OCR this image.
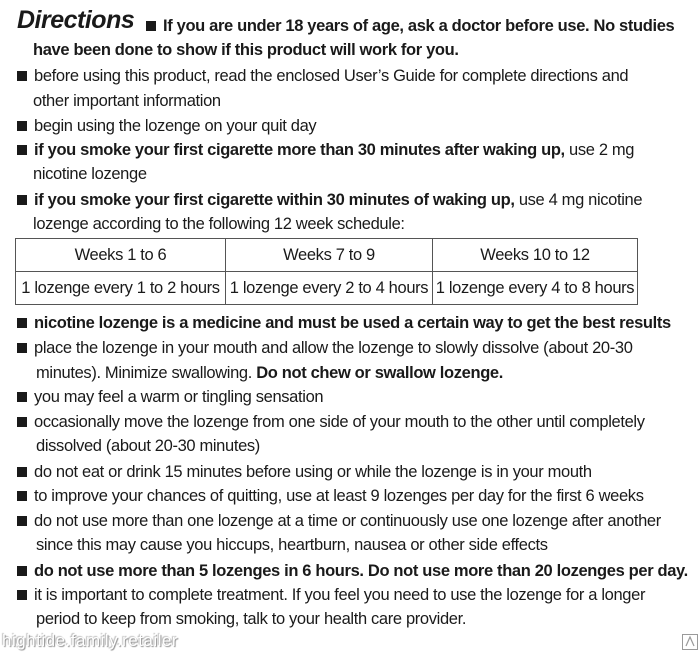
Directions	If you are under 18 years of age, ask a doctor before use. No studies
have been done to show if this product will work for you.
before using this product, read the enclosed User’s Guide for complete directions and
other important information
begin using the lozenge on your quit day
if you smoke your first cigarette more than 30 minutes after waking up, use 2 mg
nicotine lozenge
if you smoke your first cigarette within 30 minutes of waking up, use 4 mg nicotine
lozenge according to the following 12 week schedule:
Weeks 1 to 6	Weeks 7 to 9	Weeks 10 to 12
1 lozenge every 1 to 2 hours	1 lozenge every 2 to 4 hours	1 lozenge every 4 to 8 hours
nicotine lozenge is a medicine and must be used a certain way to get the best results
place the lozenge in your mouth and allow the lozenge to slowly dissolve (about 20-30
minutes). Minimize swallowing. Do not chew or swallow lozenge.
you may feel a warm or tingling sensation
occasionally move the lozenge from one side of your mouth to the other until completely
dissolved (about 20-30 minutes)
do not eat or drink 15 minutes before using or while the lozenge is in your mouth
to improve your chances of quitting, use at least 9 lozenges per day for the first 6 weeks
do not use more than one lozenge at a time or continuously use one lozenge after another
since this may cause you hiccups, heartburn, nausea or other side effects
do not use more than 5 lozenges in 6 hours. Do not use more than 20 lozenges per day.
it is important to complete treatment. If you feel you need to use the lozenge for a longer
period to keep from smoking, talk to your health care provider.
hightide.family.retailer
